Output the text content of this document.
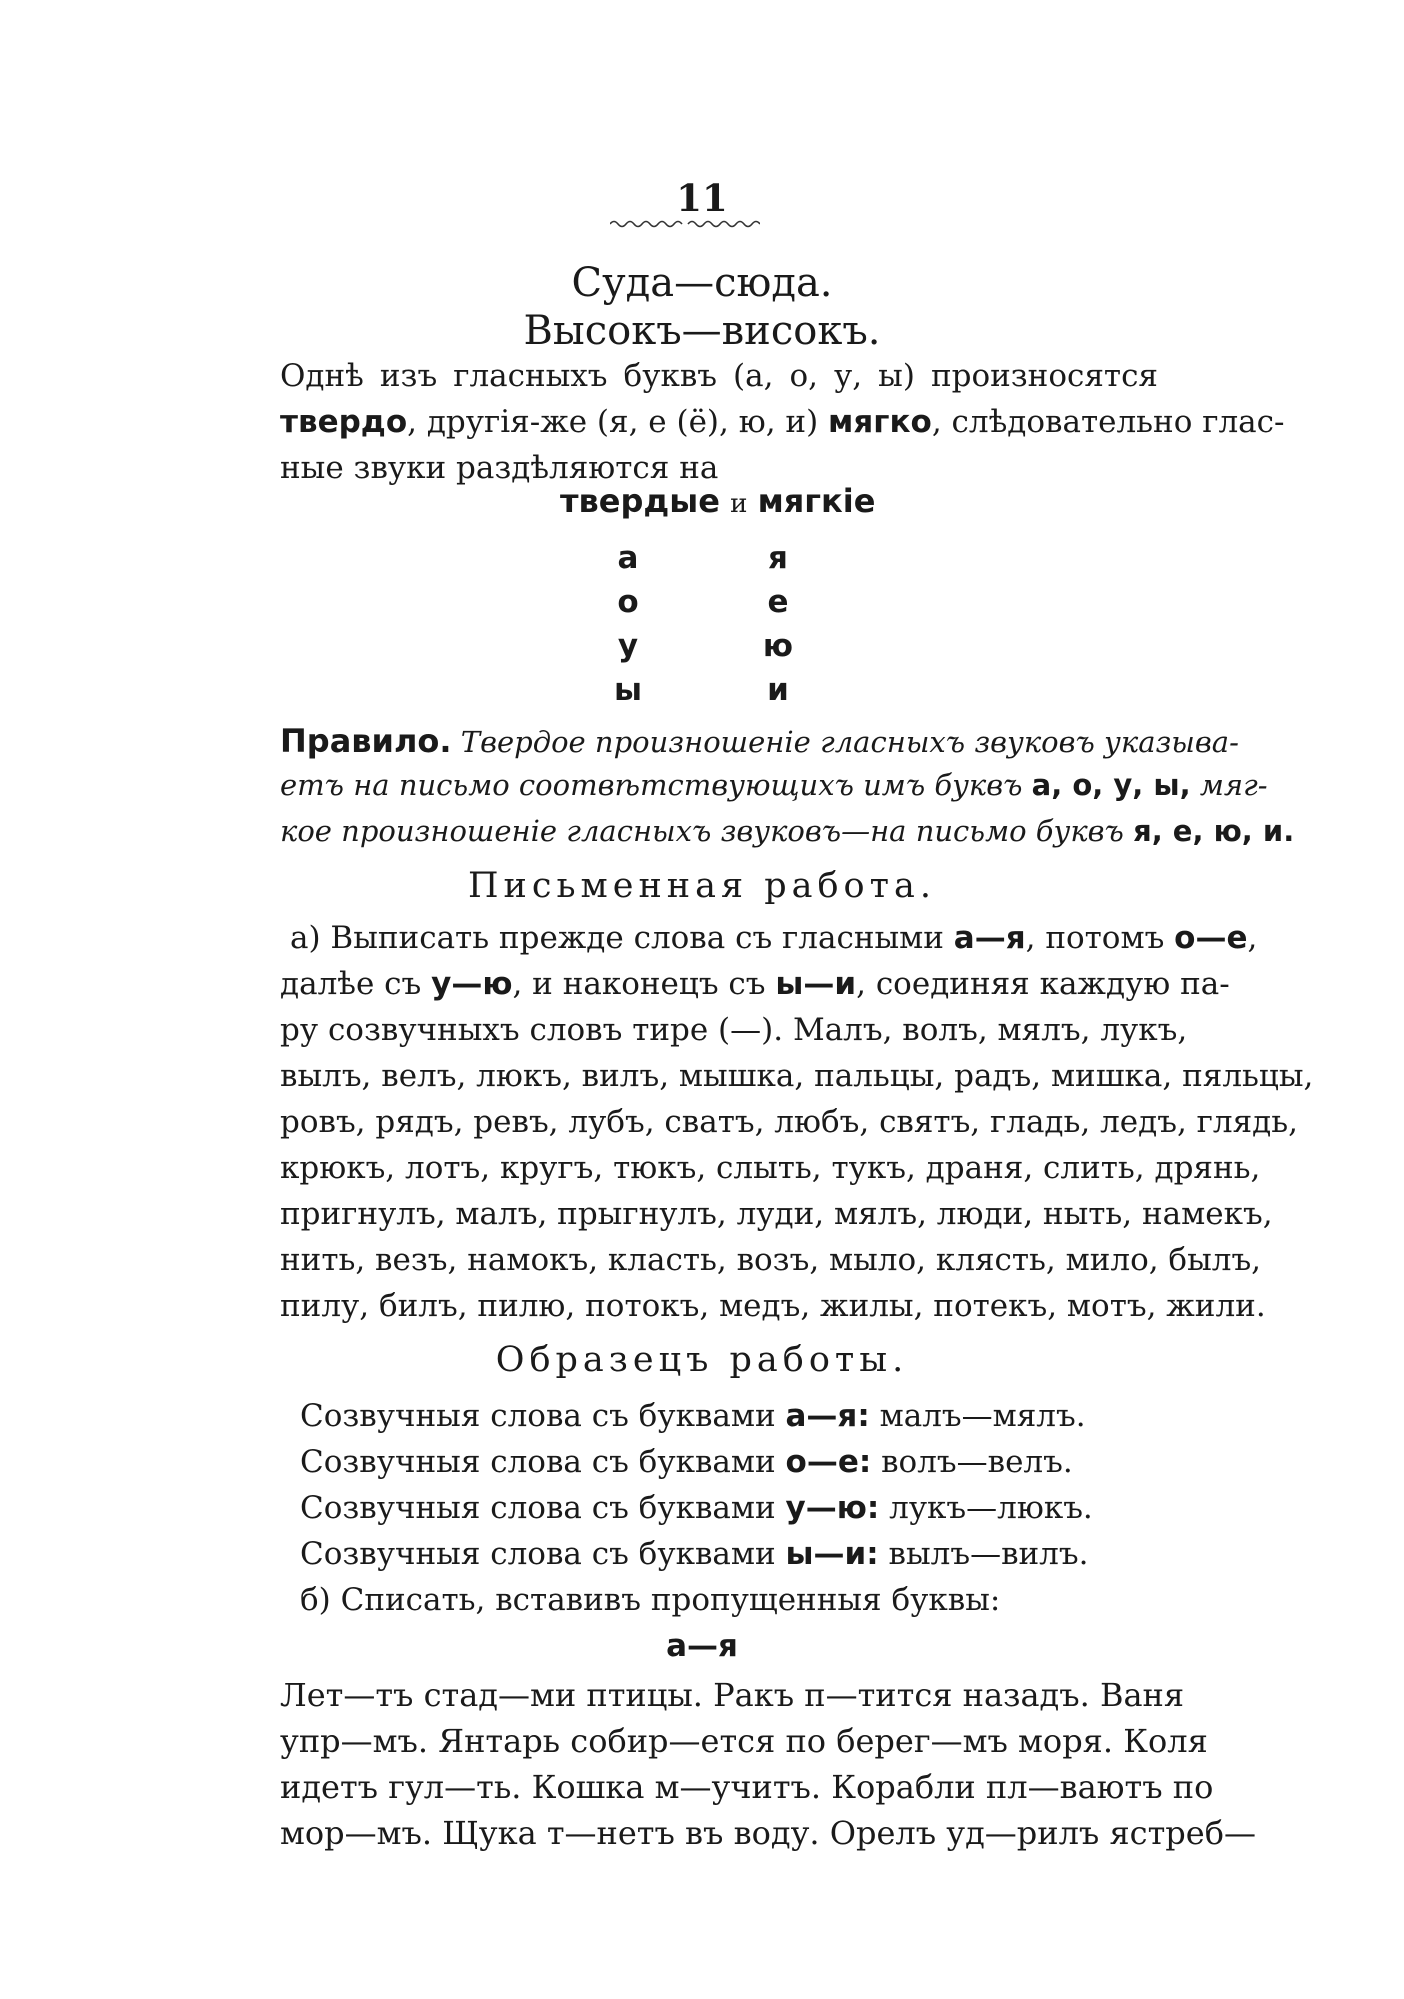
11
Суда—сюда.
Высокъ—високъ.
Однѣ изъ гласныхъ буквъ (а, о, у, ы) произносятся
твердо, другія-же (я, е (ё), ю, и) мягко, слѣдовательно глас-
ные звуки раздѣляются на
твердые и мягкіе
а	я
о	е
у	ю
ы	и
Правило. Твердое произношеніе гласныхъ звуковъ указыва-
етъ на письмо соотвѣтствующихъ имъ буквъ а, о, у, ы, мяг-
кое произношеніе гласныхъ звуковъ—на письмо буквъ я, е, ю, и.
Письменная работа.
а) Выписать прежде слова съ гласными а—я, потомъ о—е,
далѣе съ у—ю, и наконецъ съ ы—и, соединяя каждую па-
ру созвучныхъ словъ тире (—). Малъ, волъ, мялъ, лукъ,
вылъ, велъ, люкъ, вилъ, мышка, пальцы, радъ, мишка, пяльцы,
ровъ, рядъ, ревъ, лубъ, сватъ, любъ, святъ, гладь, ледъ, глядь,
крюкъ, лотъ, кругъ, тюкъ, слыть, тукъ, драня, слить, дрянь,
пригнулъ, малъ, прыгнулъ, луди, мялъ, люди, ныть, намекъ,
нить, везъ, намокъ, класть, возъ, мыло, клясть, мило, былъ,
пилу, билъ, пилю, потокъ, медъ, жилы, потекъ, мотъ, жили.
Образецъ работы.
Созвучныя слова съ буквами а—я: малъ—мялъ.
Созвучныя слова съ буквами о—е: волъ—велъ.
Созвучныя слова съ буквами у—ю: лукъ—люкъ.
Созвучныя слова съ буквами ы—и: вылъ—вилъ.
б) Списать, вставивъ пропущенныя буквы:
а—я
Лет—тъ стад—ми птицы. Ракъ п—тится назадъ. Ваня
упр—мъ. Янтарь собир—ется по берег—мъ моря. Коля
идетъ гул—ть. Кошка м—учитъ. Корабли пл—ваютъ по
мор—мъ. Щука т—нетъ въ воду. Орелъ уд—рилъ ястреб—
